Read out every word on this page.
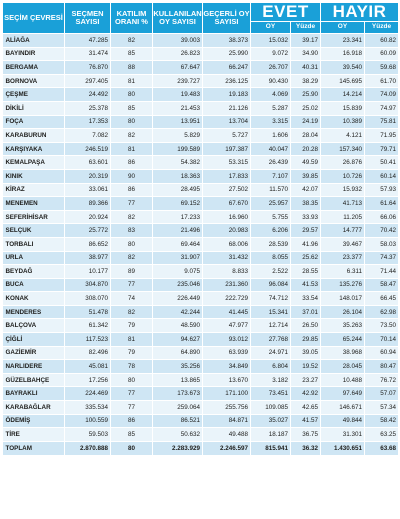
SEÇİM ÇEVRESİ	SEÇMEN SAYISI	KATILIM ORANI %	KULLANILAN OY SAYISI	GEÇERLİ OY SAYISI	EVET		HAYIR	
					OY	Yüzde	OY	Yüzde
ALİAĞA	47.285	82	39.003	38.373	15.032	39.17	23.341	60.82
BAYINDIR	31.474	85	26.823	25.990	9.072	34.90	16.918	60.09
BERGAMA	76.870	88	67.647	66.247	26.707	40.31	39.540	59.68
BORNOVA	297.405	81	239.727	236.125	90.430	38.29	145.695	61.70
ÇEŞME	24.492	80	19.483	19.183	4.069	25.90	14.214	74.09
DİKİLİ	25.378	85	21.453	21.126	5.287	25.02	15.839	74.97
FOÇA	17.353	80	13.951	13.704	3.315	24.19	10.389	75.81
KARABURUN	7.082	82	5.829	5.727	1.606	28.04	4.121	71.95
KARŞIYAKA	246.519	81	199.589	197.387	40.047	20.28	157.340	79.71
KEMALPAŞA	63.601	86	54.382	53.315	26.439	49.59	26.876	50.41
KINIK	20.319	90	18.363	17.833	7.107	39.85	10.726	60.14
KİRAZ	33.061	86	28.495	27.502	11.570	42.07	15.932	57.93
MENEMEN	89.366	77	69.152	67.670	25.957	38.35	41.713	61.64
SEFERİHİSAR	20.924	82	17.233	16.960	5.755	33.93	11.205	66.06
SELÇUK	25.772	83	21.496	20.983	6.206	29.57	14.777	70.42
TORBALI	86.652	80	69.464	68.006	28.539	41.96	39.467	58.03
URLA	38.977	82	31.907	31.432	8.055	25.62	23.377	74.37
BEYDAĞ	10.177	89	9.075	8.833	2.522	28.55	6.311	71.44
BUCA	304.870	77	235.046	231.360	96.084	41.53	135.276	58.47
KONAK	308.070	74	226.449	222.729	74.712	33.54	148.017	66.45
MENDERES	51.478	82	42.244	41.445	15.341	37.01	26.104	62.98
BALÇOVA	61.342	79	48.590	47.977	12.714	26.50	35.263	73.50
ÇİĞLİ	117.523	81	94.627	93.012	27.768	29.85	65.244	70.14
GAZİEMİR	82.496	79	64.890	63.939	24.971	39.05	38.968	60.94
NARLIDERE	45.081	78	35.256	34.849	6.804	19.52	28.045	80.47
GÜZELBAHÇE	17.256	80	13.865	13.670	3.182	23.27	10.488	76.72
BAYRAKLI	224.469	77	173.673	171.100	73.451	42.92	97.649	57.07
KARABAĞLAR	335.534	77	259.064	255.756	109.085	42.65	146.671	57.34
ÖDEMİŞ	100.559	86	86.521	84.871	35.027	41.57	49.844	58.42
TİRE	59.503	85	50.632	49.488	18.187	36.75	31.301	63.25
TOPLAM	2.870.888	80	2.283.929	2.246.597	815.941	36.32	1.430.651	63.68
